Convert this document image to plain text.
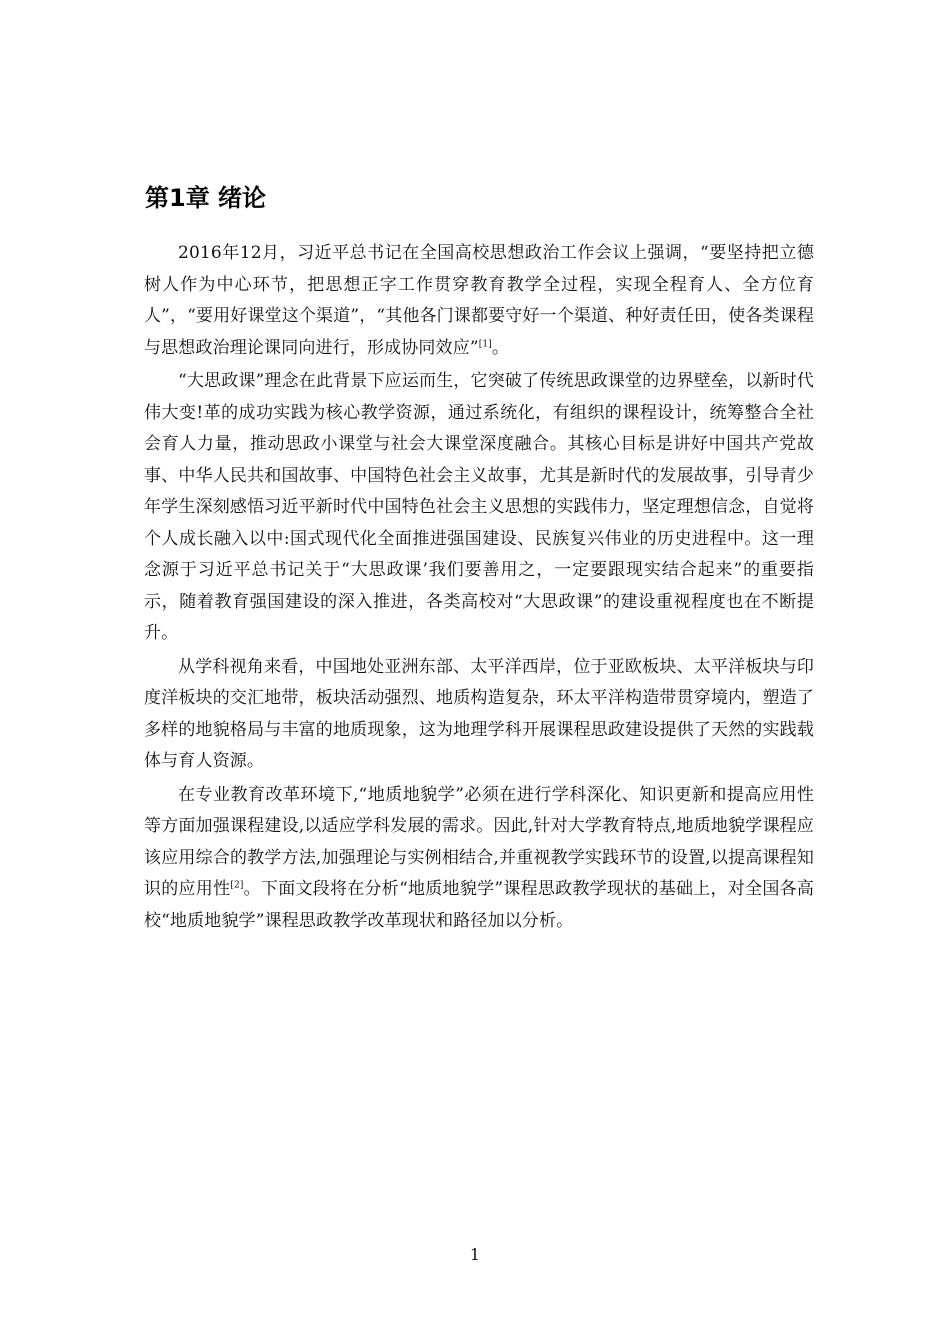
第1章 绪论

2016年12月，习近平总书记在全国高校思想政治工作会议上强调，“要坚持把立德树人作为中心环节，把思想正字工作贯穿教育教学全过程，实现全程育人、全方位育人”，“要用好课堂这个渠道”，“其他各门课都要守好一个渠道、种好责任田，使各类课程与思想政治理论课同向进行，形成协同效应”[1]。

“大思政课”理念在此背景下应运而生，它突破了传统思政课堂的边界壁垒，以新时代伟大变!革的成功实践为核心教学资源，通过系统化，有组织的课程设计，统筹整合全社会育人力量，推动思政小课堂与社会大课堂深度融合。其核心目标是讲好中国共产党故事、中华人民共和国故事、中国特色社会主义故事，尤其是新时代的发展故事，引导青少年学生深刻感悟习近平新时代中国特色社会主义思想的实践伟力，坚定理想信念，自觉将个人成长融入以中:国式现代化全面推进强国建设、民族复兴伟业的历史进程中。这一理念源于习近平总书记关于“大思政课’我们要善用之，一定要跟现实结合起来”的重要指示，随着教育强国建设的深入推进，各类高校对“大思政课”的建设重视程度也在不断提升。

从学科视角来看，中国地处亚洲东部、太平洋西岸，位于亚欧板块、太平洋板块与印度洋板块的交汇地带，板块活动强烈、地质构造复杂，环太平洋构造带贯穿境内，塑造了多样的地貌格局与丰富的地质现象，这为地理学科开展课程思政建设提供了天然的实践载体与育人资源。

在专业教育改革环境下,“地质地貌学”必须在进行学科深化、知识更新和提高应用性等方面加强课程建设,以适应学科发展的需求。因此,针对大学教育特点,地质地貌学课程应该应用综合的教学方法,加强理论与实例相结合,并重视教学实践环节的设置,以提高课程知识的应用性[2]。下面文段将在分析“地质地貌学”课程思政教学现状的基础上，对全国各高校“地质地貌学”课程思政教学改革现状和路径加以分析。

1
